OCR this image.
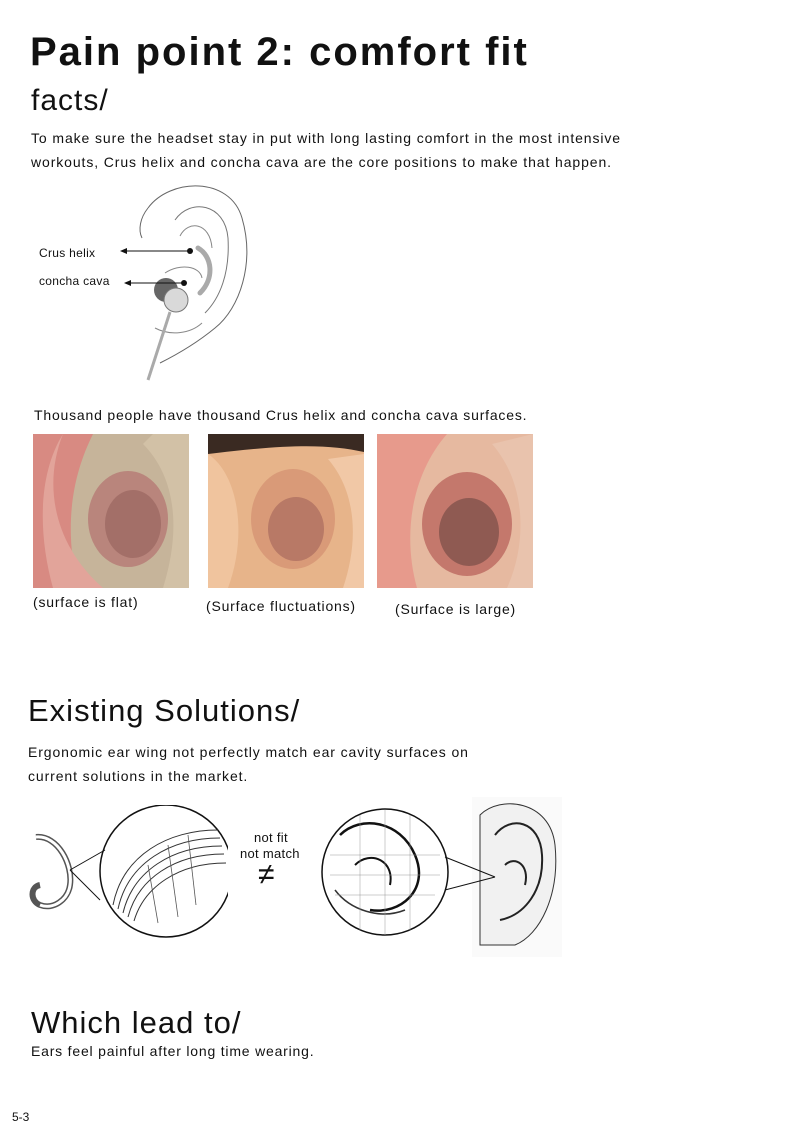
Pain point 2: comfort fit
facts/
To make sure the headset stay in put with long lasting comfort in the most intensive workouts, Crus helix and concha cava are the core positions to make that happen.
Crus helix
concha cava
Thousand people have thousand Crus helix and concha cava surfaces.
(surface is flat)	(Surface fluctuations)	(Surface is large)
Existing Solutions/
Ergonomic ear wing not perfectly match ear cavity surfaces on current solutions in the market.
not fit
not match
≠
Which lead to/
Ears feel painful after long time wearing.
5-3
